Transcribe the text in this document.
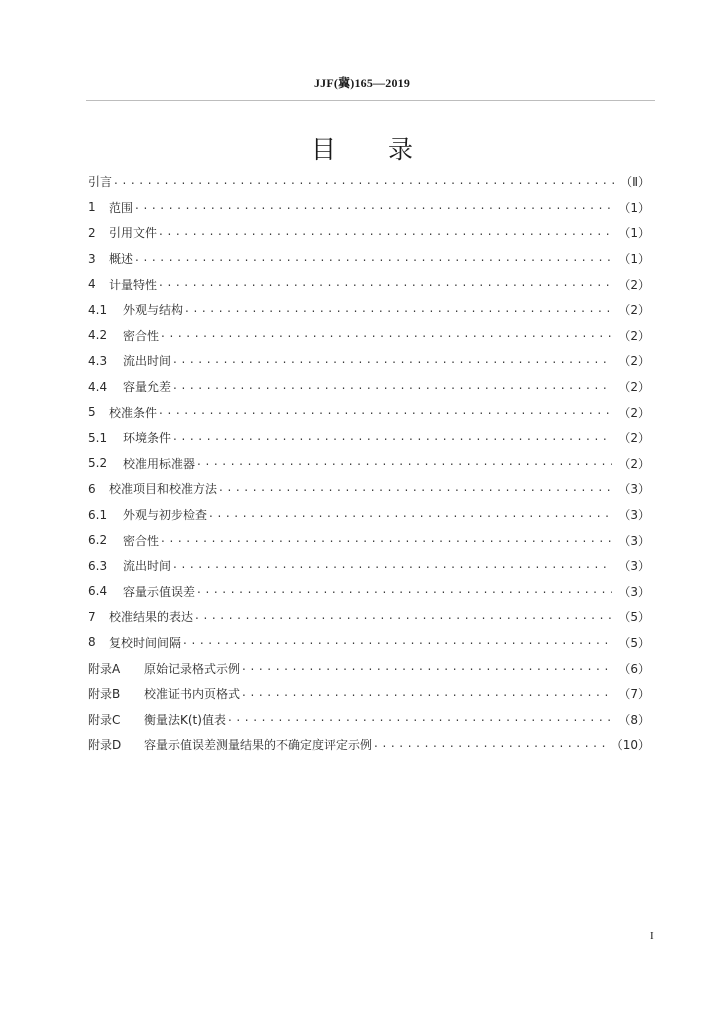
JJF(冀)165—2019
目 录
引言 . . .	（Ⅱ）
1	范围 . . .	（1）
2	引用文件 . . .	（1）
3	概述 . . .	（1）
4	计量特性 . . .	（2）
4.1	外观与结构 . . .	（2）
4.2	密合性 . . .	（2）
4.3	流出时间 . . .	（2）
4.4	容量允差 . . .	（2）
5	校准条件 . . .	（2）
5.1	环境条件 . . .	（2）
5.2	校准用标准器 . . .	（2）
6	校准项目和校准方法 . . .	（3）
6.1	外观与初步检查 . . .	（3）
6.2	密合性 . . .	（3）
6.3	流出时间 . . .	（3）
6.4	容量示值误差 . . .	（3）
7	校准结果的表达 . . .	（5）
8	复校时间间隔 . . .	（5）
附录A	原始记录格式示例 . . .	（6）
附录B	校准证书内页格式 . . .	（7）
附录C	衡量法K(t)值表 . . .	（8）
附录D	容量示值误差测量结果的不确定度评定示例 . . .	（10）
I
